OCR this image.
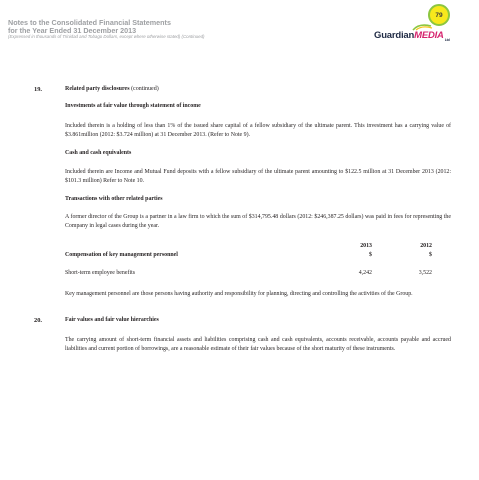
Notes to the Consolidated Financial Statements
for the Year Ended 31 December 2013
(Expressed in thousands of Trinidad and Tobago Dollars, except where otherwise stated) (Continued)
79
GuardianMEDIA$_{Ltd}$
19.	Related party disclosures (continued)
Investments at fair value through statement of income
Included therein is a holding of less than 1% of the issued share capital of a fellow subsidiary of the ultimate parent. This investment has a carrying value of $3.861million (2012: $3.724 million) at 31 December 2013. (Refer to Note 9).
Cash and cash equivalents
Included therein are Income and Mutual Fund deposits with a fellow subsidiary of the ultimate parent amounting to $122.5 million at 31 December 2013 (2012: $101.3 million) Refer to Note 10.
Transactions with other related parties
A former director of the Group is a partner in a law firm to which the sum of $314,795.48 dollars (2012: $246,387.25 dollars) was paid in fees for representing the Company in legal cases during the year.
2013	2012
Compensation of key management personnel	$	$
Short-term employee benefits	4,242	3,522
Key management personnel are those persons having authority and responsibility for planning, directing and controlling the activities of the Group.
20.	Fair values and fair value hierarchies
The carrying amount of short-term financial assets and liabilities comprising cash and cash equivalents, accounts receivable, accounts payable and accrued liabilities and current portion of borrowings, are a reasonable estimate of their fair values because of the short maturity of these instruments.
